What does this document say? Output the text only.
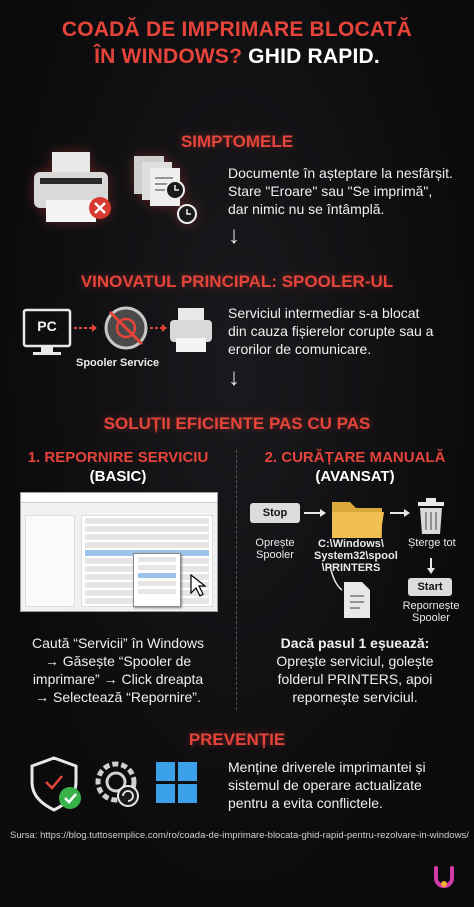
COADĂ DE IMPRIMARE BLOCATĂ
ÎN WINDOWS? GHID RAPID.
SIMPTOMELE
Documente în așteptare la nesfârșit.
Stare "Eroare" sau "Se imprimă",
dar nimic nu se întâmplă.
↓
VINOVATUL PRINCIPAL: SPOOLER-UL
PC
Spooler Service
Serviciul intermediar s-a blocat
din cauza fișierelor corupte sau a
erorilor de comunicare.
↓
SOLUȚII EFICIENTE PAS CU PAS
1. REPORNIRE SERVICIU
(BASIC)
Caută “Servicii” în Windows
→ Găsește “Spooler de
imprimare” → Click dreapta
→ Selectează “Repornire”.
2. CURĂȚARE MANUALĂ
(AVANSAT)
Stop
Oprește
Spooler
C:\Windows\
System32\spool
\PRINTERS
Șterge tot
Start
Repornește
Spooler
Dacă pasul 1 eșuează:
Oprește serviciul, golește
folderul PRINTERS, apoi
repornește serviciul.
PREVENȚIE
Menține driverele imprimantei și
sistemul de operare actualizate
pentru a evita conflictele.
Sursa: https://blog.tuttosemplice.com/ro/coada-de-imprimare-blocata-ghid-rapid-pentru-rezolvare-in-windows/
